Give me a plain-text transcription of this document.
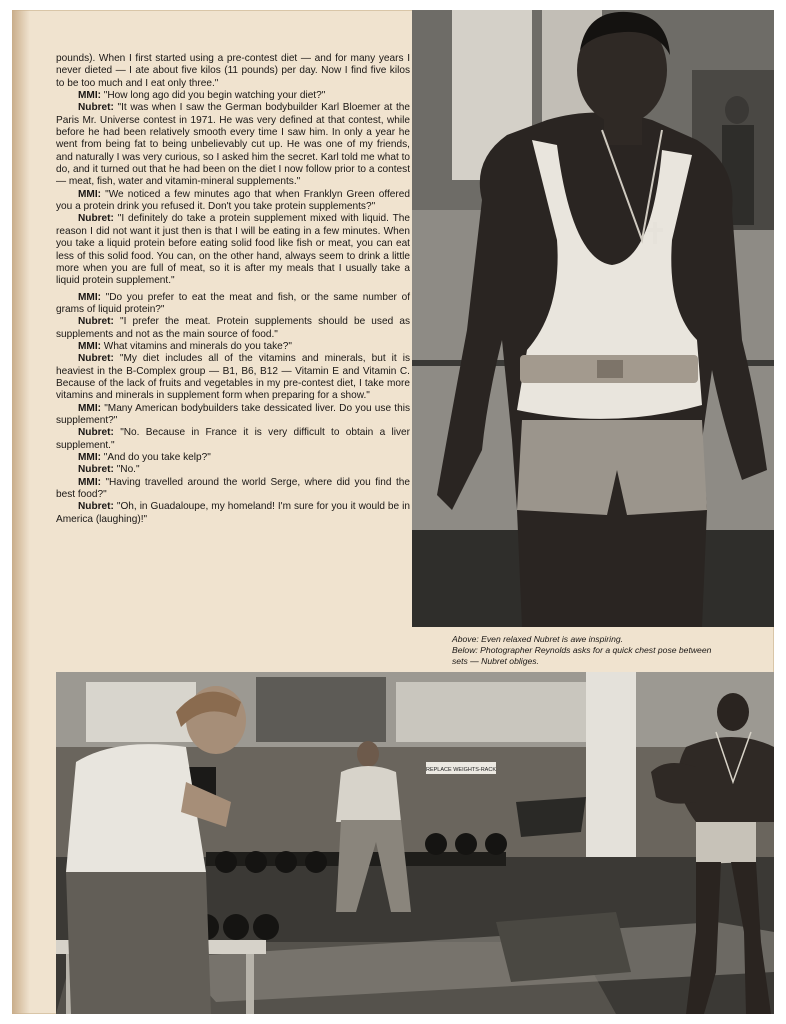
pounds). When I first started using a pre-contest diet — and for many years I never dieted — I ate about five kilos (11 pounds) per day. Now I find five kilos to be too much and I eat only three."

MMI: "How long ago did you begin watching your diet?"

Nubret: "It was when I saw the German bodybuilder Karl Bloemer at the Paris Mr. Universe contest in 1971. He was very defined at that contest, while before he had been relatively smooth every time I saw him. In only a year he went from being fat to being unbelievably cut up. He was one of my friends, and naturally I was very curious, so I asked him the secret. Karl told me what to do, and it turned out that he had been on the diet I now follow prior to a contest — meat, fish, water and vitamin-mineral supplements."

MMI: "We noticed a few minutes ago that when Franklyn Green offered you a protein drink you refused it. Don't you take protein supplements?"

Nubret: "I definitely do take a protein supplement mixed with liquid. The reason I did not want it just then is that I will be eating in a few minutes. When you take a liquid protein before eating solid food like fish or meat, you can eat less of this solid food. You can, on the other hand, always seem to drink a little more when you are full of meat, so it is after my meals that I usually take a liquid protein supplement."

MMI: "Do you prefer to eat the meat and fish, or the same number of grams of liquid protein?"

Nubret: "I prefer the meat. Protein supplements should be used as supplements and not as the main source of food."

MMI: What vitamins and minerals do you take?"

Nubret: "My diet includes all of the vitamins and minerals, but it is heaviest in the B-Complex group — B1, B6, B12 — Vitamin E and Vitamin C. Because of the lack of fruits and vegetables in my pre-contest diet, I take more vitamins and minerals in supplement form when preparing for a show."

MMI: "Many American bodybuilders take dessicated liver. Do you use this supplement?"

Nubret: "No. Because in France it is very difficult to obtain a liver supplement."

MMI: "And do you take kelp?"

Nubret: "No."

MMI: "Having travelled around the world Serge, where did you find the best food?"

Nubret: "Oh, in Guadaloupe, my homeland! I'm sure for you it would be in America (laughing)!"

Above: Even relaxed Nubret is awe inspiring.
Below: Photographer Reynolds asks for a quick chest pose between
sets — Nubret obliges.
REPLACE WEIGHTS-RACK
